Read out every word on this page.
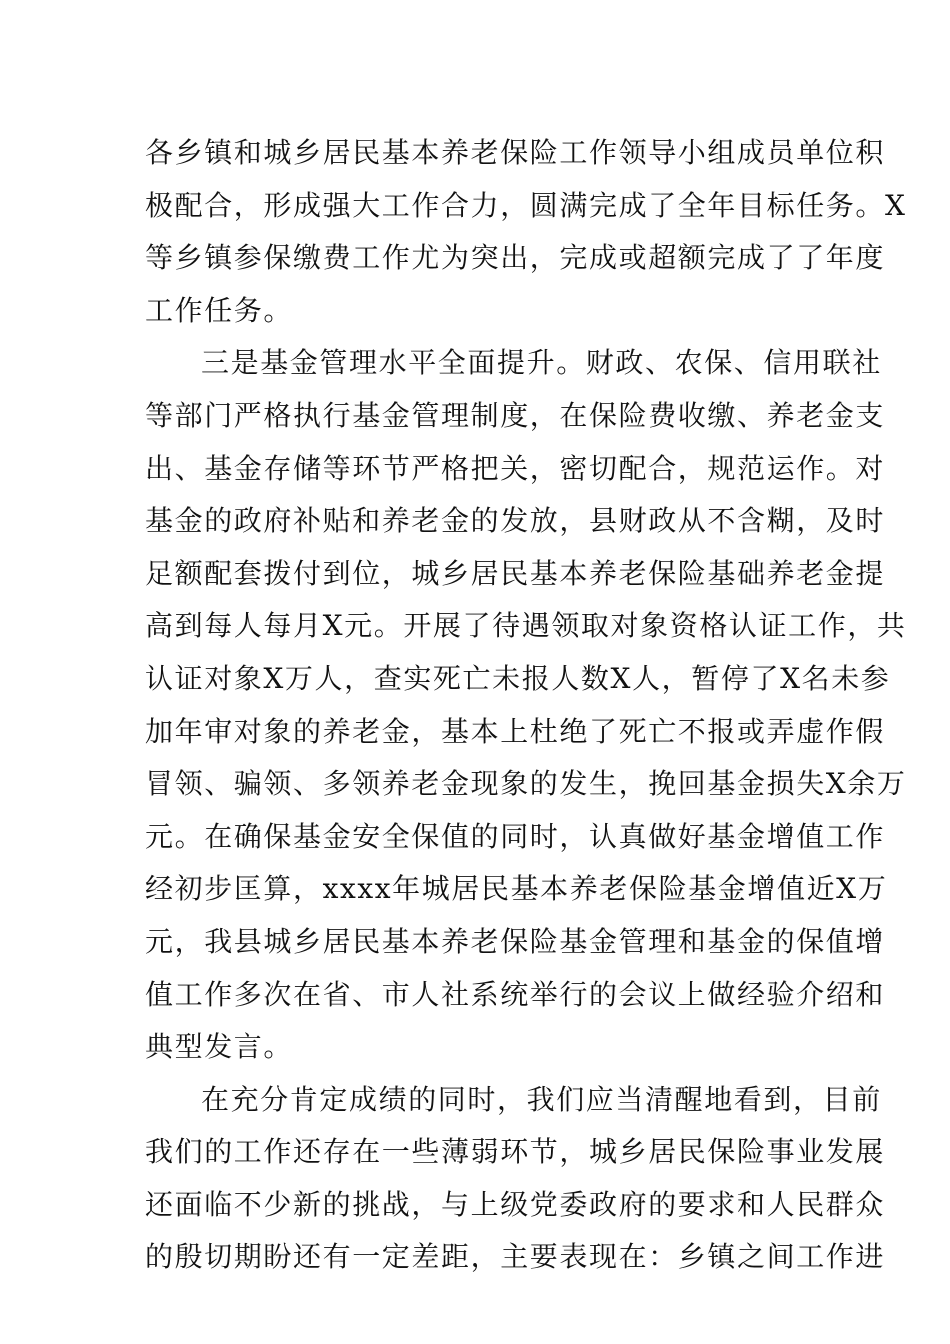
各乡镇和城乡居民基本养老保险工作领导小组成员单位积
极配合，形成强大工作合力，圆满完成了全年目标任务。X
等乡镇参保缴费工作尤为突出，完成或超额完成了了年度
工作任务。
三是基金管理水平全面提升。财政、农保、信用联社
等部门严格执行基金管理制度，在保险费收缴、养老金支
出、基金存储等环节严格把关，密切配合，规范运作。对
基金的政府补贴和养老金的发放，县财政从不含糊，及时
足额配套拨付到位，城乡居民基本养老保险基础养老金提
高到每人每月X元。开展了待遇领取对象资格认证工作，共
认证对象X万人，查实死亡未报人数X人，暂停了X名未参
加年审对象的养老金，基本上杜绝了死亡不报或弄虚作假
冒领、骗领、多领养老金现象的发生，挽回基金损失X余万
元。在确保基金安全保值的同时，认真做好基金增值工作
经初步匡算，xxxx年城居民基本养老保险基金增值近X万
元，我县城乡居民基本养老保险基金管理和基金的保值增
值工作多次在省、市人社系统举行的会议上做经验介绍和
典型发言。
在充分肯定成绩的同时，我们应当清醒地看到，目前
我们的工作还存在一些薄弱环节，城乡居民保险事业发展
还面临不少新的挑战，与上级党委政府的要求和人民群众
的殷切期盼还有一定差距，主要表现在：乡镇之间工作进
